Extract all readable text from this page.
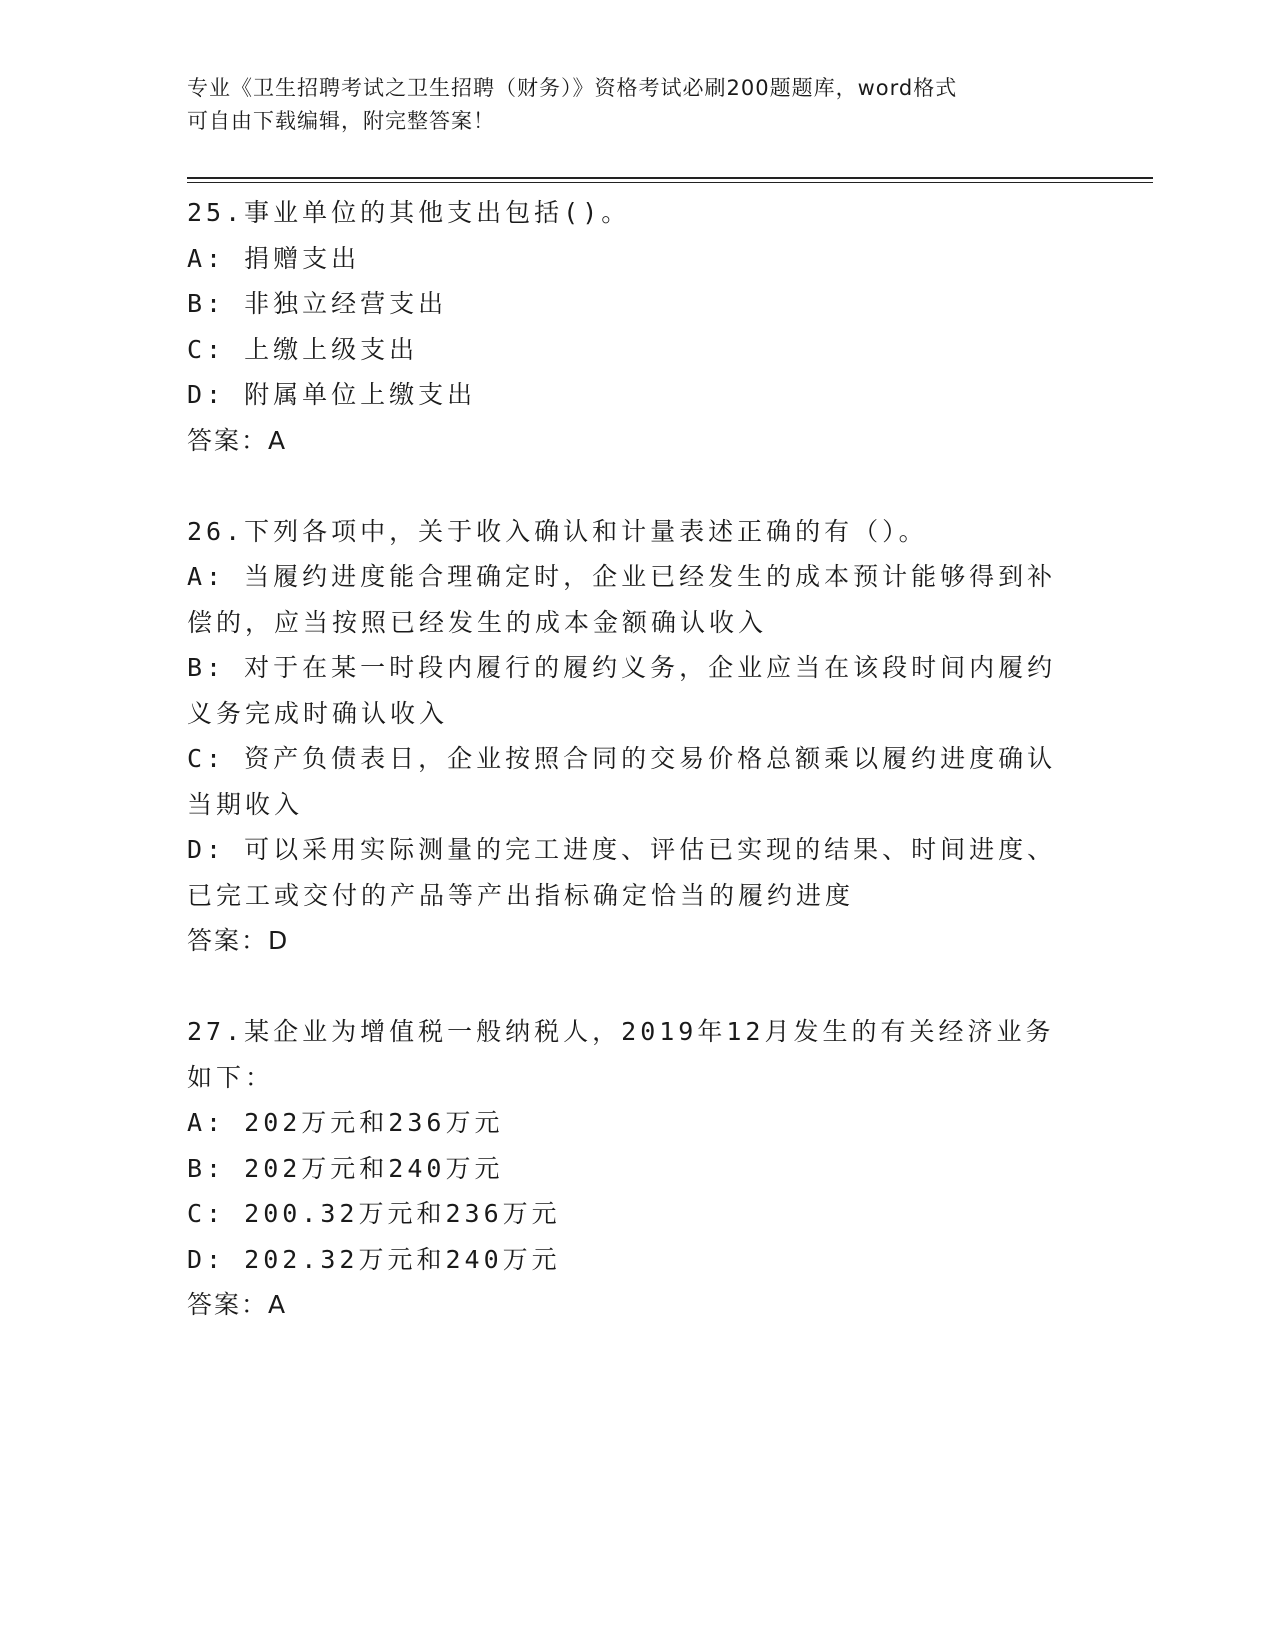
专业《卫生招聘考试之卫生招聘（财务）》资格考试必刷200题题库，word格式
可自由下载编辑，附完整答案！
25.事业单位的其他支出包括()。
A: 捐赠支出
B: 非独立经营支出
C: 上缴上级支出
D: 附属单位上缴支出
答案：A
26.下列各项中，关于收入确认和计量表述正确的有（）。
A: 当履约进度能合理确定时，企业已经发生的成本预计能够得到补偿的，应当按照已经发生的成本金额确认收入
B: 对于在某一时段内履行的履约义务，企业应当在该段时间内履约义务完成时确认收入
C: 资产负债表日，企业按照合同的交易价格总额乘以履约进度确认当期收入
D: 可以采用实际测量的完工进度、评估已实现的结果、时间进度、已完工或交付的产品等产出指标确定恰当的履约进度
答案：D
27.某企业为增值税一般纳税人，2019年12月发生的有关经济业务如下：
A: 202万元和236万元
B: 202万元和240万元
C: 200.32万元和236万元
D: 202.32万元和240万元
答案：A
